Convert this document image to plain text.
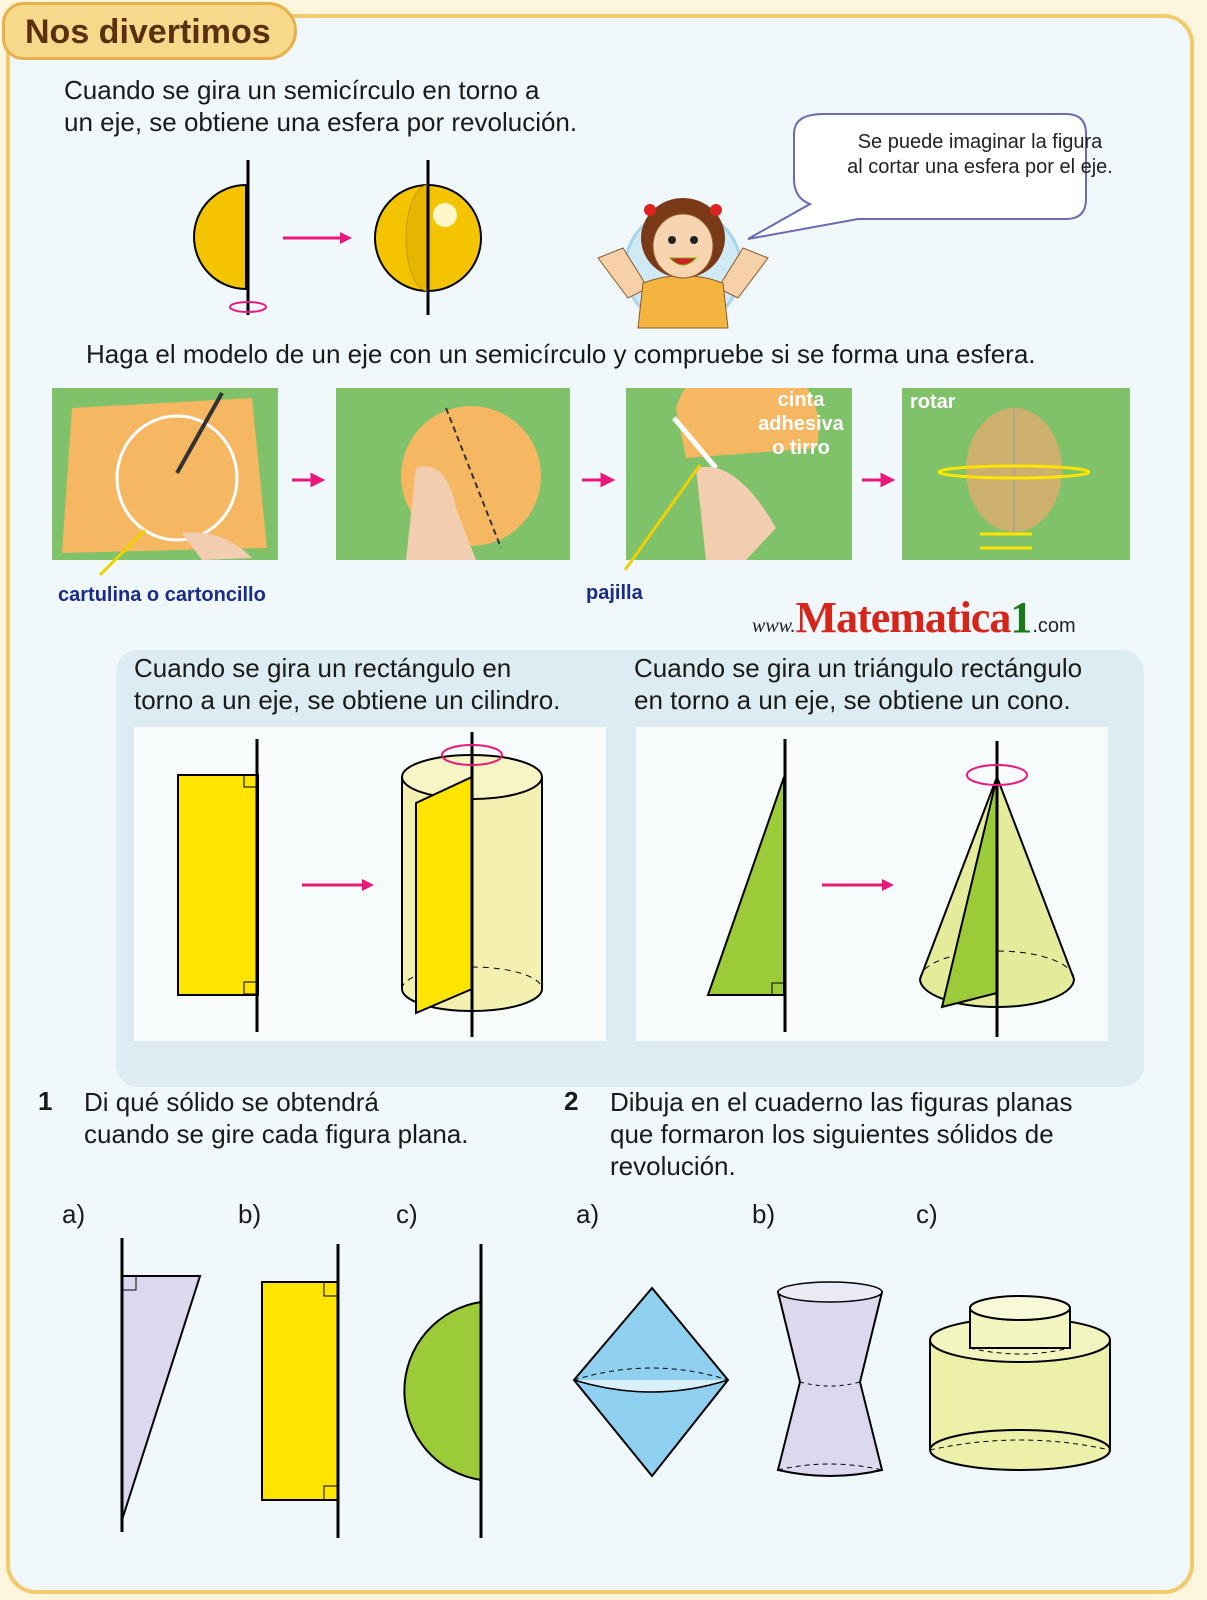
Nos divertimos
Cuando se gira un semicírculo en torno a
un eje, se obtiene una esfera por revolución.
Se puede imaginar la figura
al cortar una esfera por el eje.
Haga el modelo de un eje con un semicírculo y compruebe si se forma una esfera.
cinta
adhesiva
o tirro
rotar
cartulina o cartoncillo	pajilla
www.Matematica1.com
Cuando se gira un rectángulo en
torno a un eje, se obtiene un cilindro.
Cuando se gira un triángulo rectángulo
en torno a un eje, se obtiene un cono.
1 Di qué sólido se obtendrá
cuando se gire cada figura plana.
2 Dibuja en el cuaderno las figuras planas
que formaron los siguientes sólidos de
revolución.
a)	b)	c)	a)	b)	c)
